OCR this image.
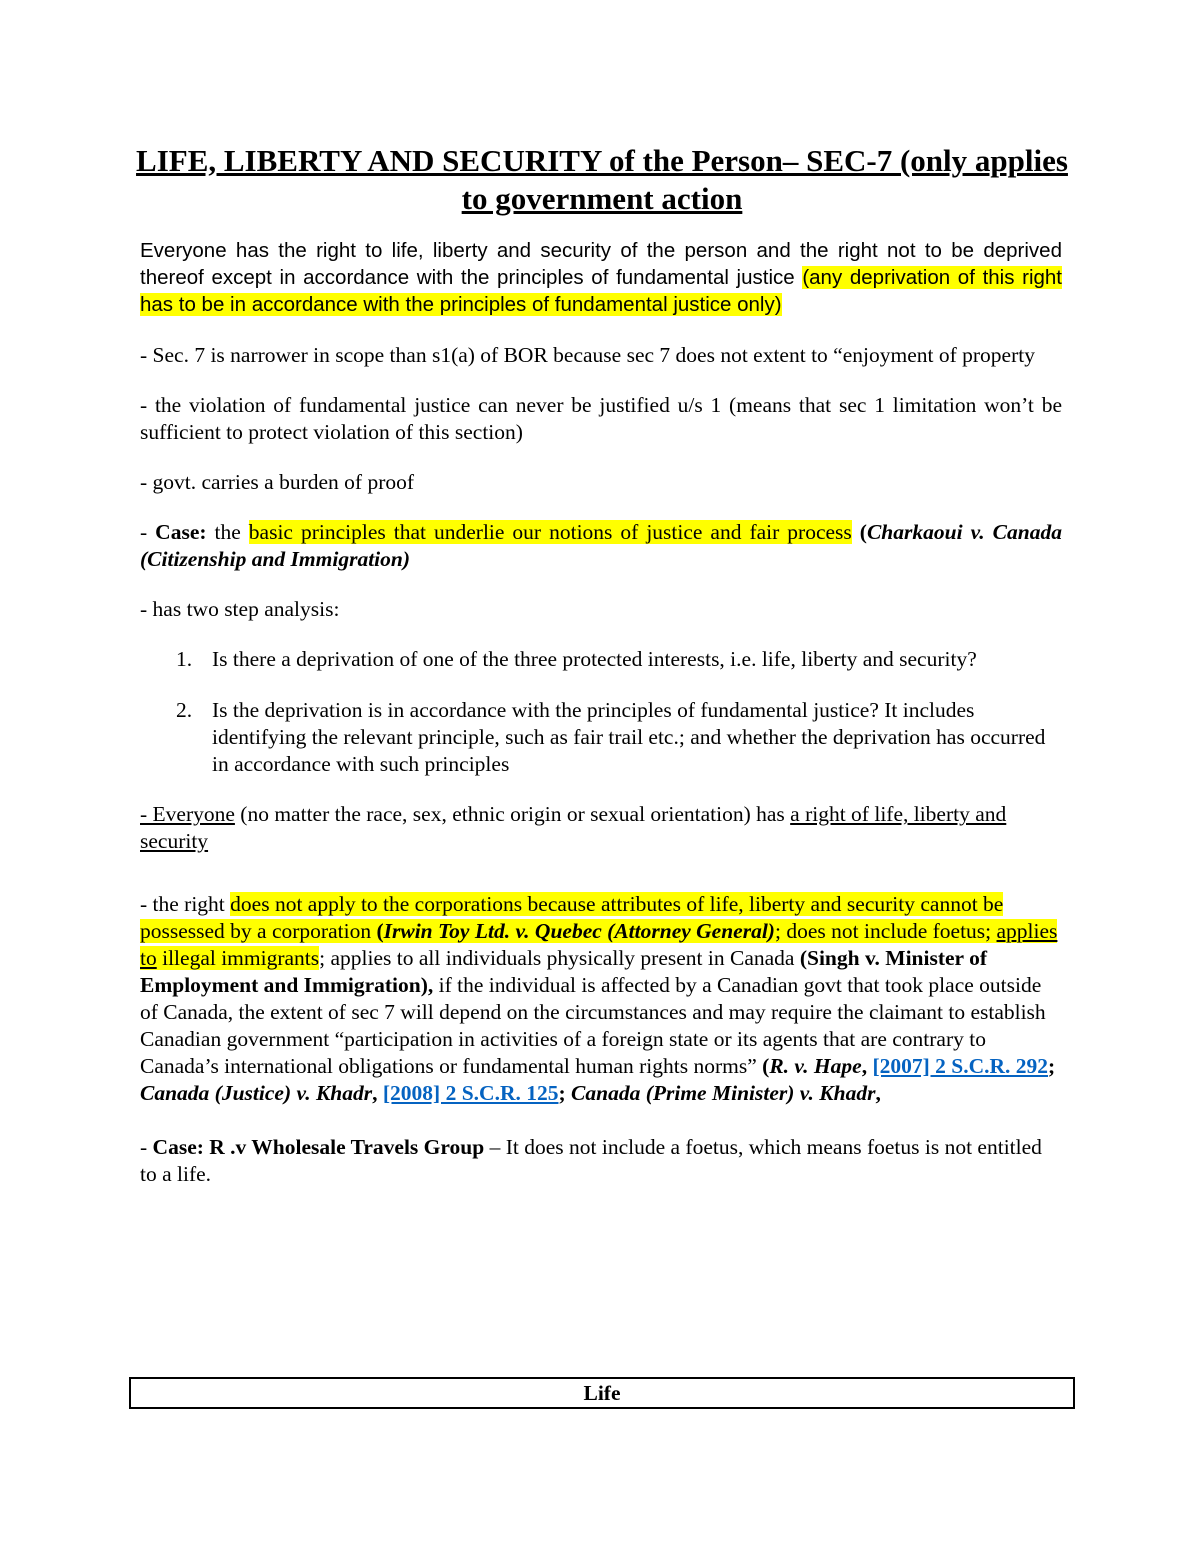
LIFE, LIBERTY AND SECURITY of the Person– SEC-7 (only applies to government action

Everyone has the right to life, liberty and security of the person and the right not to be deprived thereof except in accordance with the principles of fundamental justice (any deprivation of this right has to be in accordance with the principles of fundamental justice only)

- Sec. 7 is narrower in scope than s1(a) of BOR because sec 7 does not extent to “enjoyment of property

- the violation of fundamental justice can never be justified u/s 1 (means that sec 1 limitation won’t be sufficient to protect violation of this section)

- govt. carries a burden of proof

- Case: the basic principles that underlie our notions of justice and fair process (Charkaoui v. Canada (Citizenship and Immigration)

- has two step analysis:

1. Is there a deprivation of one of the three protected interests, i.e. life, liberty and security?
2. Is the deprivation is in accordance with the principles of fundamental justice? It includes identifying the relevant principle, such as fair trail etc.; and whether the deprivation has occurred in accordance with such principles

- Everyone (no matter the race, sex, ethnic origin or sexual orientation) has a right of life, liberty and security

- the right does not apply to the corporations because attributes of life, liberty and security cannot be possessed by a corporation (Irwin Toy Ltd. v. Quebec (Attorney General); does not include foetus; applies to illegal immigrants; applies to all individuals physically present in Canada (Singh v. Minister of Employment and Immigration), if the individual is affected by a Canadian govt that took place outside of Canada, the extent of sec 7 will depend on the circumstances and may require the claimant to establish Canadian government “participation in activities of a foreign state or its agents that are contrary to Canada’s international obligations or fundamental human rights norms” (R. v. Hape, [2007] 2 S.C.R. 292; Canada (Justice) v. Khadr, [2008] 2 S.C.R. 125; Canada (Prime Minister) v. Khadr,

- Case: R .v Wholesale Travels Group – It does not include a foetus, which means foetus is not entitled to a life.

Life
